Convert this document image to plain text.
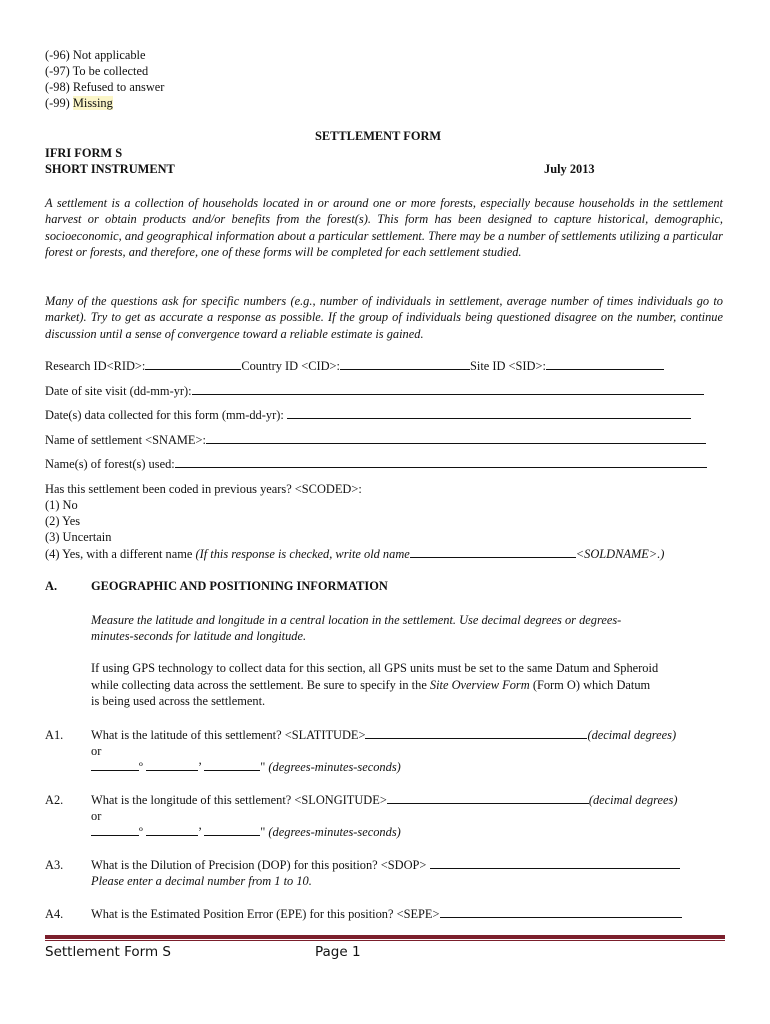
(-96) Not applicable
(-97) To be collected
(-98) Refused to answer
(-99) Missing
SETTLEMENT FORM
IFRI FORM S
SHORT INSTRUMENT	July 2013
A settlement is a collection of households located in or around one or more forests, especially because households in the settlement harvest or obtain products and/or benefits from the forest(s). This form has been designed to capture historical, demographic, socioeconomic, and geographical information about a particular settlement. There may be a number of settlements utilizing a particular forest or forests, and therefore, one of these forms will be completed for each settlement studied.
Many of the questions ask for specific numbers (e.g., number of individuals in settlement, average number of times individuals go to market). Try to get as accurate a response as possible. If the group of individuals being questioned disagree on the number, continue discussion until a sense of convergence toward a reliable estimate is gained.
Research ID<RID>:	Country ID <CID>:	Site ID <SID>:
Date of site visit (dd-mm-yr):
Date(s) data collected for this form (mm-dd-yr):
Name of settlement <SNAME>:
Name(s) of forest(s) used:
Has this settlement been coded in previous years? <SCODED>:
(1) No
(2) Yes
(3) Uncertain
(4) Yes, with a different name (If this response is checked, write old name	<SOLDNAME>.)
A.	GEOGRAPHIC AND POSITIONING INFORMATION
Measure the latitude and longitude in a central location in the settlement. Use decimal degrees or degrees-
minutes-seconds for latitude and longitude.
If using GPS technology to collect data for this section, all GPS units must be set to the same Datum and Spheroid
while collecting data across the settlement. Be sure to specify in the Site Overview Form (Form O) which Datum
is being used across the settlement.
A1. What is the latitude of this settlement? <SLATITUDE>	(decimal degrees)
or
º	’	" (degrees-minutes-seconds)
A2. What is the longitude of this settlement? <SLONGITUDE>	(decimal degrees)
or
º	’	" (degrees-minutes-seconds)
A3. What is the Dilution of Precision (DOP) for this position? <SDOP>
Please enter a decimal number from 1 to 10.
A4. What is the Estimated Position Error (EPE) for this position? <SEPE>
Settlement Form S	Page 1
